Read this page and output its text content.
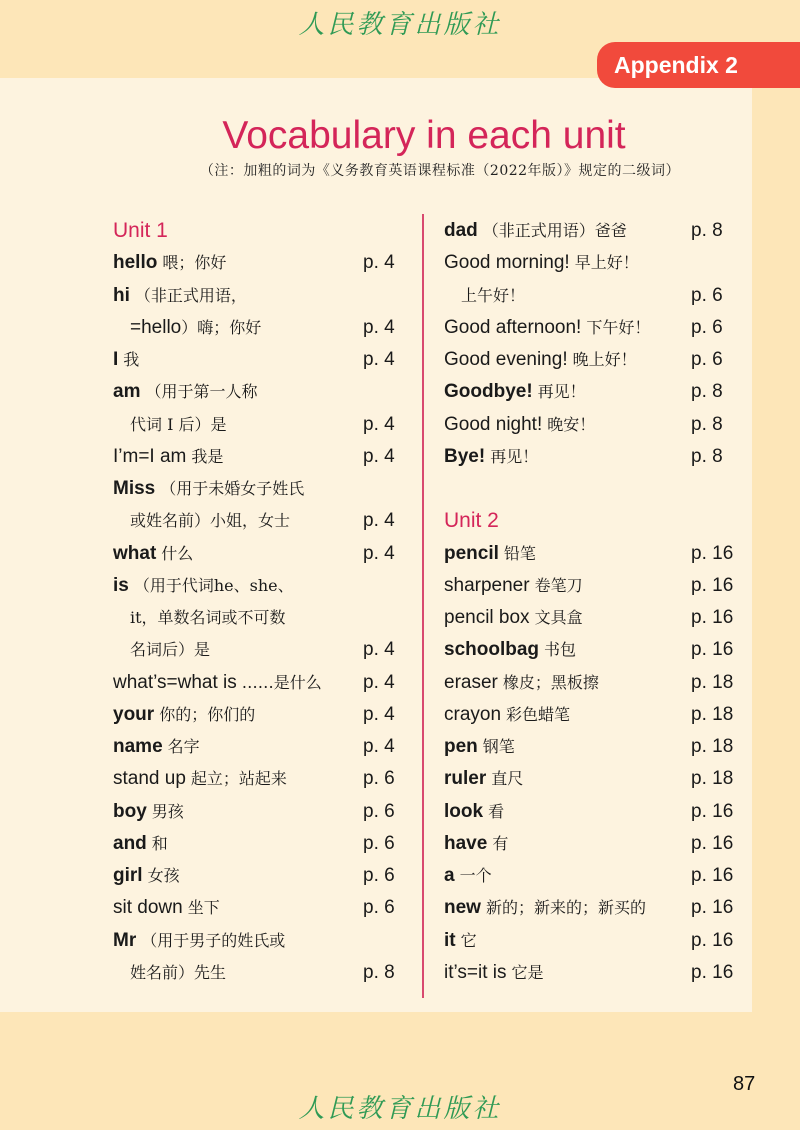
人民教育出版社
Appendix 2
Vocabulary in each unit
（注：加粗的词为《义务教育英语课程标准（2022年版）》规定的二级词）
Unit 1
hello 喂；你好	p. 4
hi （非正式用语，
=hello）嗨；你好	p. 4
I 我	p. 4
am （用于第一人称
代词 I 后）是	p. 4
I’m=I am 我是	p. 4
Miss （用于未婚女子姓氏
或姓名前）小姐，女士	p. 4
what 什么	p. 4
is （用于代词he、she、
it，单数名词或不可数
名词后）是	p. 4
what’s=what is ……是什么 p. 4
your 你的；你们的	p. 4
name 名字	p. 4
stand up 起立；站起来	p. 6
boy 男孩	p. 6
and 和	p. 6
girl 女孩	p. 6
sit down 坐下	p. 6
Mr （用于男子的姓氏或
姓名前）先生	p. 8
dad （非正式用语）爸爸	p. 8
Good morning! 早上好！
上午好！	p. 6
Good afternoon! 下午好！ p. 6
Good evening! 晚上好！	p. 6
Goodbye! 再见！	p. 8
Good night! 晚安！	p. 8
Bye! 再见！	p. 8
Unit 2
pencil 铅笔	p. 16
sharpener 卷笔刀	p. 16
pencil box 文具盒	p. 16
schoolbag 书包	p. 16
eraser 橡皮；黑板擦	p. 18
crayon 彩色蜡笔	p. 18
pen 钢笔	p. 18
ruler 直尺	p. 18
look 看	p. 16
have 有	p. 16
a 一个	p. 16
new 新的；新来的；新买的 p. 16
it 它	p. 16
it’s=it is 它是	p. 16
87
人民教育出版社
